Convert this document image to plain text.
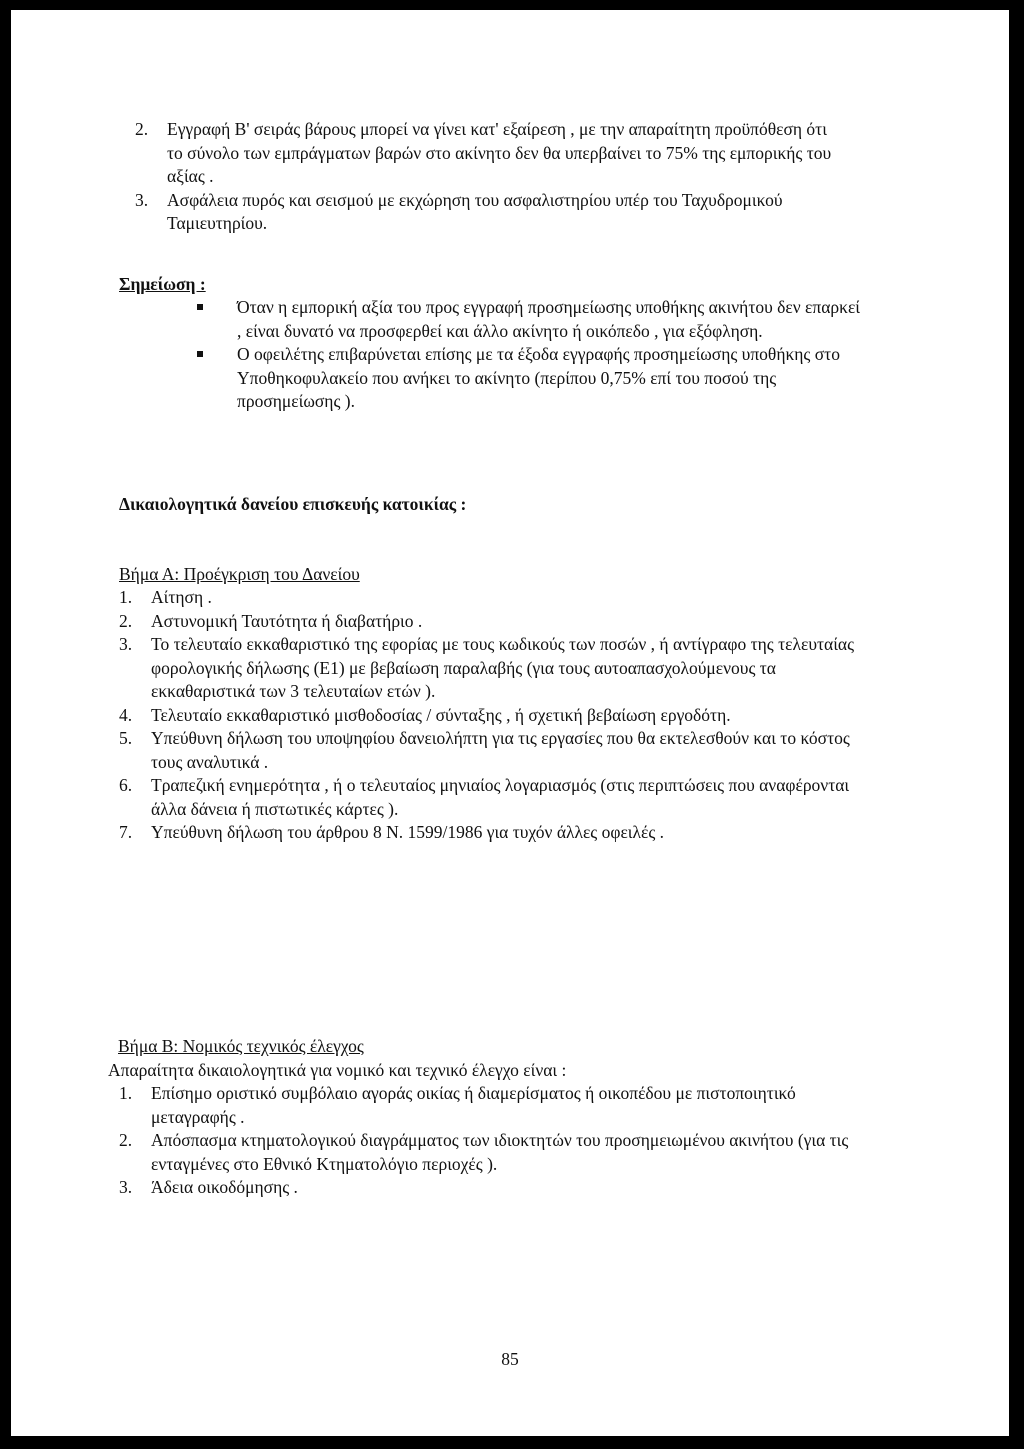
2. Εγγραφή Β' σειράς βάρους μπορεί να γίνει κατ' εξαίρεση , με την απαραίτητη προϋπόθεση ότι το σύνολο των εμπράγματων βαρών στο ακίνητο δεν θα υπερβαίνει το 75% της εμπορικής του αξίας .
3. Ασφάλεια πυρός και σεισμού με εκχώρηση του ασφαλιστηρίου υπέρ του Ταχυδρομικού Ταμιευτηρίου.
Σημείωση :
Όταν η εμπορική αξία του προς εγγραφή προσημείωσης υποθήκης ακινήτου δεν επαρκεί , είναι δυνατό να προσφερθεί και άλλο ακίνητο ή οικόπεδο , για εξόφληση.
Ο οφειλέτης επιβαρύνεται επίσης με τα έξοδα εγγραφής προσημείωσης υποθήκης στο Υποθηκοφυλακείο που ανήκει το ακίνητο (περίπου 0,75% επί του ποσού της προσημείωσης ).
Δικαιολογητικά δανείου επισκευής κατοικίας :
Βήμα Α: Προέγκριση του Δανείου
1. Αίτηση .
2. Αστυνομική Ταυτότητα ή διαβατήριο .
3. Το τελευταίο εκκαθαριστικό της εφορίας με τους κωδικούς των ποσών , ή αντίγραφο της τελευταίας φορολογικής δήλωσης (Ε1) με βεβαίωση παραλαβής (για τους αυτοαπασχολούμενους τα εκκαθαριστικά των 3 τελευταίων ετών ).
4. Τελευταίο εκκαθαριστικό μισθοδοσίας / σύνταξης , ή σχετική βεβαίωση εργοδότη.
5. Υπεύθυνη δήλωση του υποψηφίου δανειολήπτη για τις εργασίες που θα εκτελεσθούν και το κόστος τους αναλυτικά .
6. Τραπεζική ενημερότητα , ή ο τελευταίος μηνιαίος λογαριασμός (στις περιπτώσεις που αναφέρονται άλλα δάνεια ή πιστωτικές κάρτες ).
7. Υπεύθυνη δήλωση του άρθρου 8 Ν. 1599/1986 για τυχόν άλλες οφειλές .
Βήμα Β: Νομικός τεχνικός έλεγχος
Απαραίτητα δικαιολογητικά για νομικό και τεχνικό έλεγχο είναι :
1. Επίσημο οριστικό συμβόλαιο αγοράς οικίας ή διαμερίσματος ή οικοπέδου με πιστοποιητικό μεταγραφής .
2. Απόσπασμα κτηματολογικού διαγράμματος των ιδιοκτητών του προσημειωμένου ακινήτου (για τις ενταγμένες στο Εθνικό Κτηματολόγιο περιοχές ).
3. Άδεια οικοδόμησης .
85
